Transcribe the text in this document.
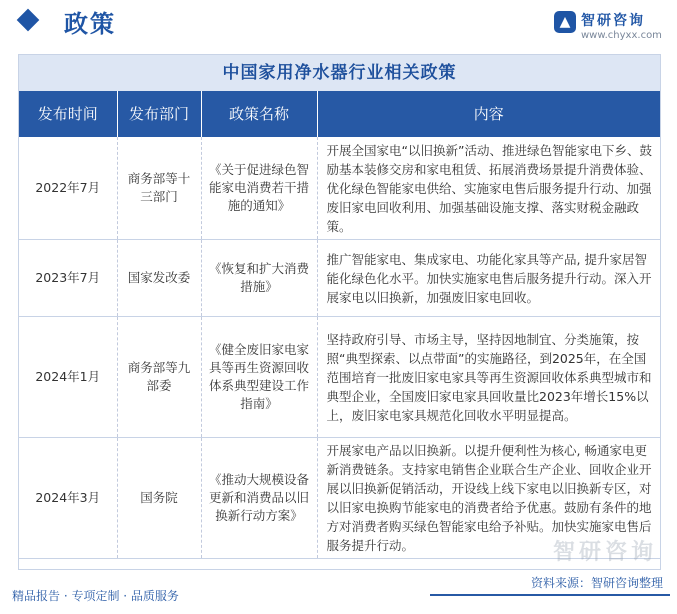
政策	▲ 智研咨询
www.chyxx.com
中国家用净水器行业相关政策
发布时间	发布部门	政策名称	内容
2022年7月	商务部等十三部门	《关于促进绿色智能家电消费若干措施的通知》	开展全国家电“以旧换新”活动、推进绿色智能家电下乡、鼓励基本装修交房和家电租赁、拓展消费场景提升消费体验、优化绿色智能家电供给、实施家电售后服务提升行动、加强废旧家电回收利用、加强基础设施支撑、落实财税金融政策。
2023年7月	国家发改委	《恢复和扩大消费措施》	推广智能家电、集成家电、功能化家具等产品, 提升家居智能化绿色化水平。加快实施家电售后服务提升行动。深入开展家电以旧换新，加强废旧家电回收。
2024年1月	商务部等九部委	《健全废旧家电家具等再生资源回收体系典型建设工作指南》	坚持政府引导、市场主导，坚持因地制宜、分类施策，按照“典型探索、以点带面”的实施路径，到2025年，在全国范围培育一批废旧家电家具等再生资源回收体系典型城市和典型企业，全国废旧家电家具回收量比2023年增长15%以上，废旧家电家具规范化回收水平明显提高。
2024年3月	国务院	《推动大规模设备更新和消费品以旧换新行动方案》	开展家电产品以旧换新。以提升便利性为核心, 畅通家电更新消费链条。支持家电销售企业联合生产企业、回收企业开展以旧换新促销活动，开设线上线下家电以旧换新专区，对以旧家电换购节能家电的消费者给予优惠。鼓励有条件的地方对消费者购买绿色智能家电给予补贴。加快实施家电售后服务提升行动。	智研咨询
精品报告 · 专项定制 · 品质服务
资料来源：智研咨询整理
